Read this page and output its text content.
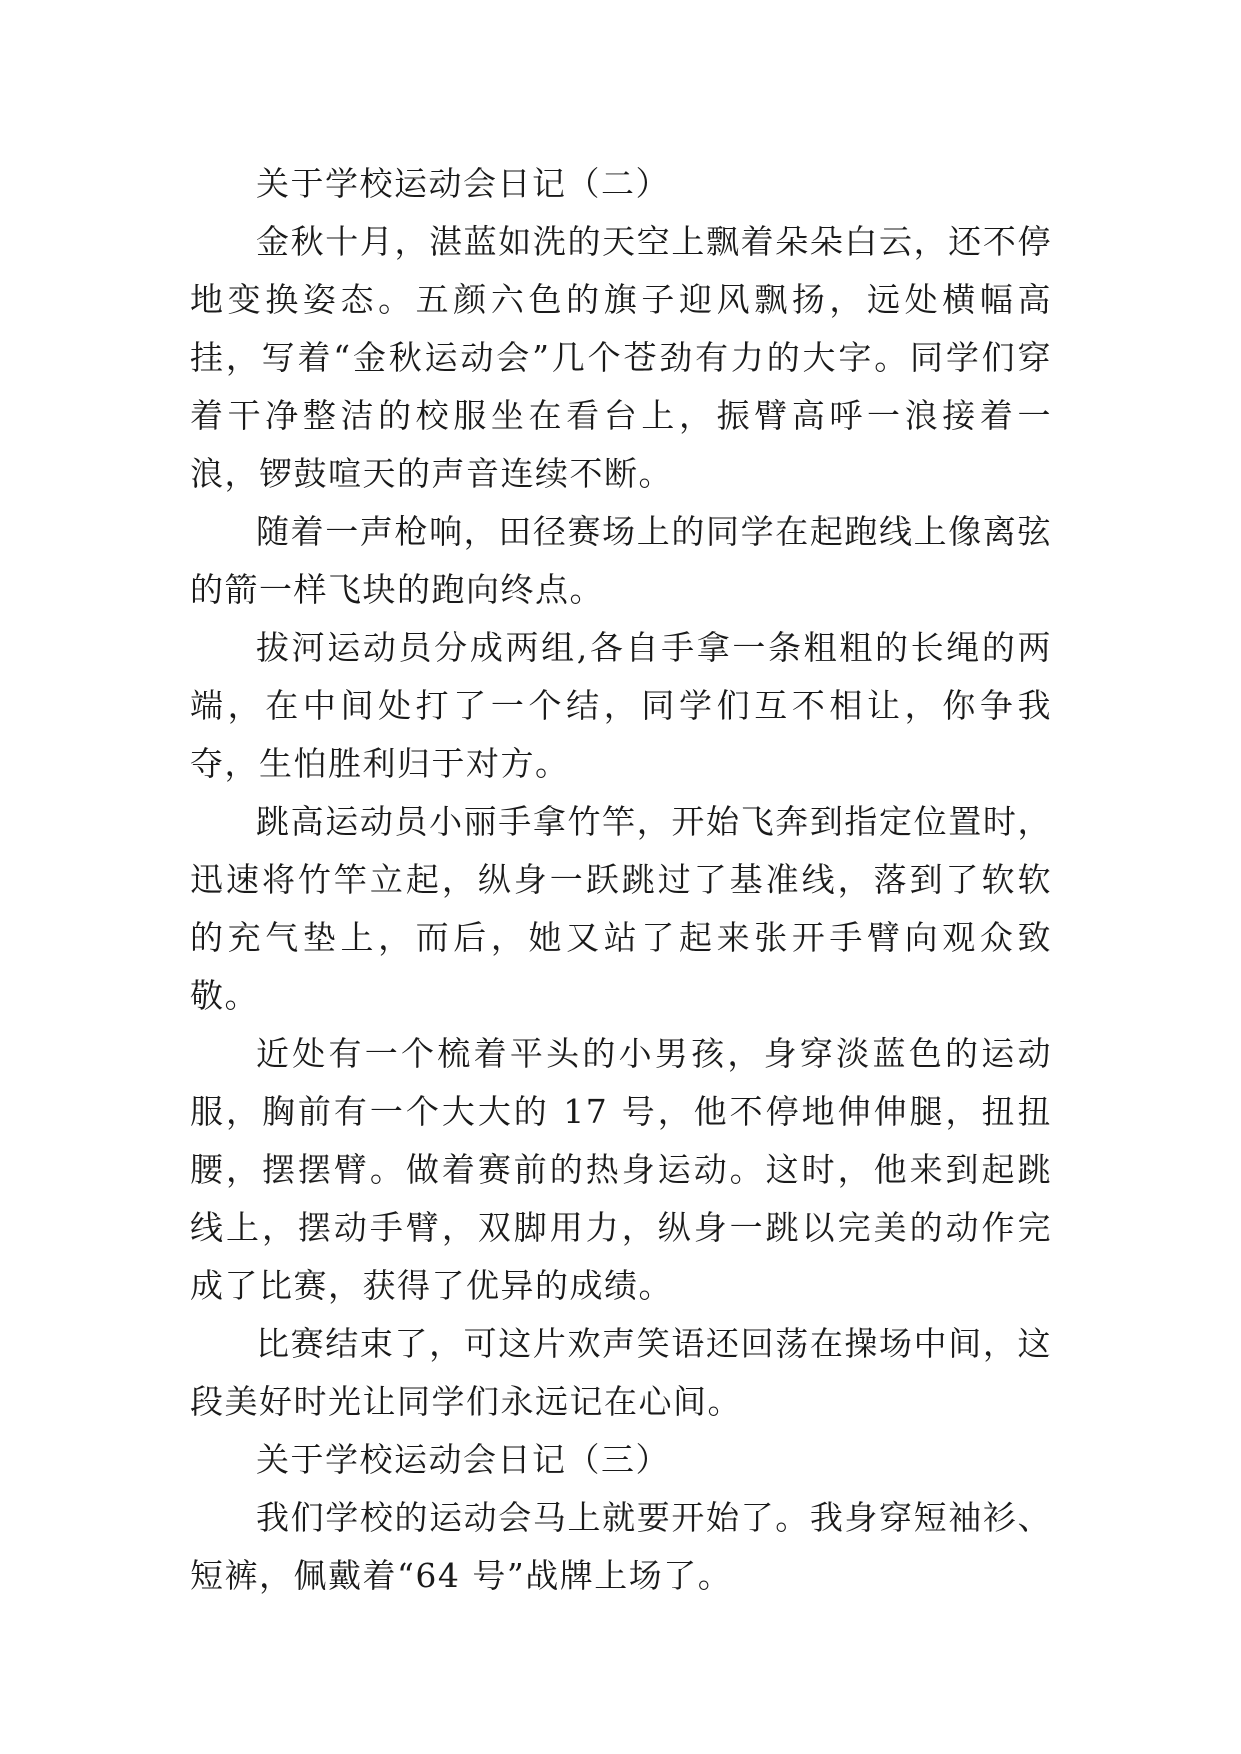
关于学校运动会日记（二）

金秋十月，湛蓝如洗的天空上飘着朵朵白云，还不停地变换姿态。五颜六色的旗子迎风飘扬，远处横幅高挂，写着“金秋运动会”几个苍劲有力的大字。同学们穿着干净整洁的校服坐在看台上，振臂高呼一浪接着一浪，锣鼓喧天的声音连续不断。

随着一声枪响，田径赛场上的同学在起跑线上像离弦的箭一样飞块的跑向终点。

拔河运动员分成两组,各自手拿一条粗粗的长绳的两端，在中间处打了一个结，同学们互不相让，你争我夺，生怕胜利归于对方。

跳高运动员小丽手拿竹竿，开始飞奔到指定位置时，迅速将竹竿立起，纵身一跃跳过了基准线，落到了软软的充气垫上，而后，她又站了起来张开手臂向观众致敬。

近处有一个梳着平头的小男孩，身穿淡蓝色的运动服，胸前有一个大大的 17 号，他不停地伸伸腿，扭扭腰，摆摆臂。做着赛前的热身运动。这时，他来到起跳线上，摆动手臂，双脚用力，纵身一跳以完美的动作完成了比赛，获得了优异的成绩。

比赛结束了，可这片欢声笑语还回荡在操场中间，这段美好时光让同学们永远记在心间。

关于学校运动会日记（三）

我们学校的运动会马上就要开始了。我身穿短袖衫、短裤，佩戴着“64 号”战牌上场了。
